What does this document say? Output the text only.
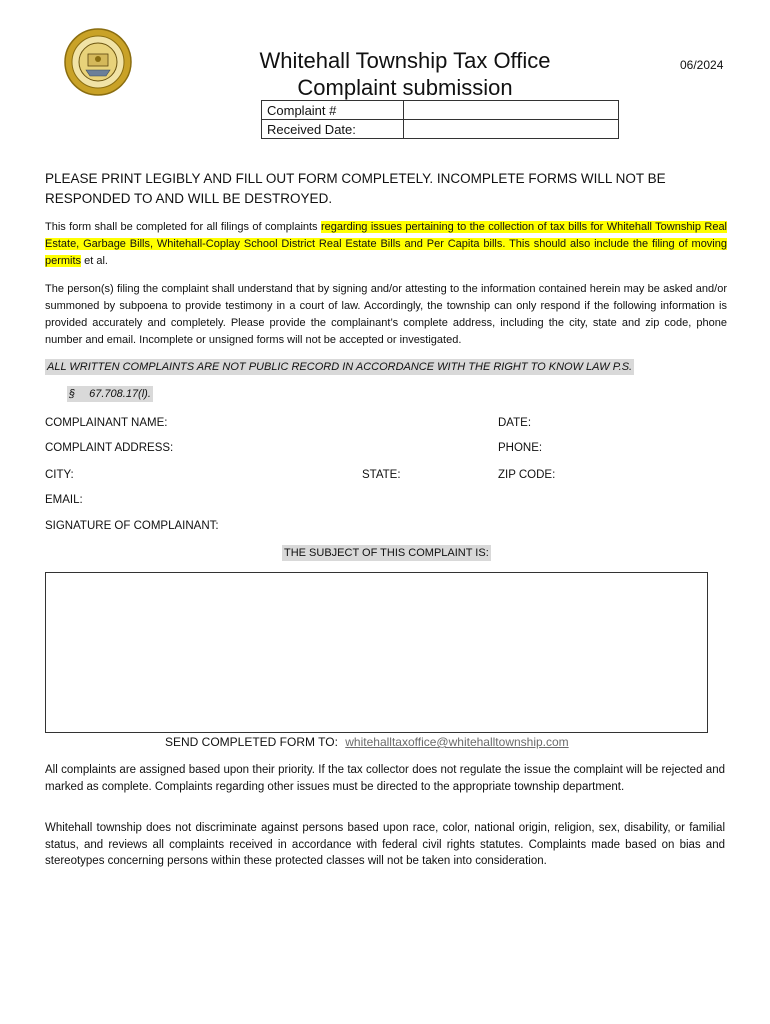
Whitehall Township Tax Office
Complaint submission
06/2024
Complaint #	
Received Date:	
PLEASE PRINT LEGIBLY AND FILL OUT FORM COMPLETELY. INCOMPLETE FORMS WILL NOT BE RESPONDED TO AND WILL BE DESTROYED.
This form shall be completed for all filings of complaints regarding issues pertaining to the collection of tax bills for Whitehall Township Real Estate, Garbage Bills, Whitehall-Coplay School District Real Estate Bills and Per Capita bills. This should also include the filing of moving permits et al.
The person(s) filing the complaint shall understand that by signing and/or attesting to the information contained herein may be asked and/or summoned by subpoena to provide testimony in a court of law. Accordingly, the township can only respond if the following information is provided accurately and completely. Please provide the complainant’s complete address, including the city, state and zip code, phone number and email. Incomplete or unsigned forms will not be accepted or investigated.
ALL WRITTEN COMPLAINTS ARE NOT PUBLIC RECORD IN ACCORDANCE WITH THE RIGHT TO KNOW LAW P.S.
§ 67.708.17(l).
COMPLAINANT NAME:	DATE:
COMPLAINT ADDRESS:	PHONE:
CITY:	STATE:	ZIP CODE:
EMAIL:
SIGNATURE OF COMPLAINANT:
THE SUBJECT OF THIS COMPLAINT IS:
SEND COMPLETED FORM TO: whitehalltaxoffice@whitehalltownship.com
All complaints are assigned based upon their priority. If the tax collector does not regulate the issue the complaint will be rejected and marked as complete. Complaints regarding other issues must be directed to the appropriate township department.
Whitehall township does not discriminate against persons based upon race, color, national origin, religion, sex, disability, or familial status, and reviews all complaints received in accordance with federal civil rights statutes. Complaints made based on bias and stereotypes concerning persons within these protected classes will not be taken into consideration.
